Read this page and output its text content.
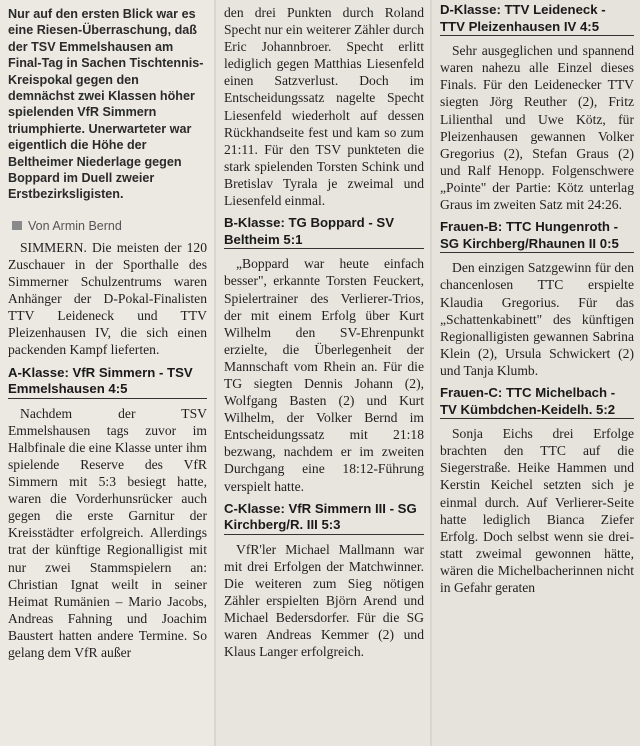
Nur auf den ersten Blick war es eine Riesen-Überraschung, daß der TSV Emmelshausen am Final-Tag in Sachen Tischtennis-Kreispokal gegen den demnächst zwei Klassen höher spielenden VfR Simmern triumphierte. Unerwarteter war eigentlich die Höhe der Beltheimer Niederlage gegen Boppard im Duell zweier Erstbezirksligisten.

Von Armin Bernd

SIMMERN. Die meisten der 120 Zuschauer in der Sporthalle des Simmerner Schulzentrums waren Anhänger der D-Pokal-Finalisten TTV Leideneck und TTV Pleizenhausen IV, die sich einen packenden Kampf lieferten.

A-Klasse: VfR Simmern - TSV Emmelshausen 4:5

Nachdem der TSV Emmelshausen tags zuvor im Halbfinale die eine Klasse unter ihm spielende Reserve des VfR Simmern mit 5:3 besiegt hatte, waren die Vorderhunsrücker auch gegen die erste Garnitur der Kreisstädter erfolgreich. Allerdings trat der künftige Regionalligist mit nur zwei Stammspielern an: Christian Ignat weilt in seiner Heimat Rumänien – Mario Jacobs, Andreas Fahning und Joachim Baustert hatten andere Termine. So gelang dem VfR außer

den drei Punkten durch Roland Specht nur ein weiterer Zähler durch Eric Johannbroer. Specht erlitt lediglich gegen Matthias Liesenfeld einen Satzverlust. Doch im Entscheidungssatz nagelte Specht Liesenfeld wiederholt auf dessen Rückhandseite fest und kam so zum 21:11. Für den TSV punkteten die stark spielenden Torsten Schink und Bretislav Tyrala je zweimal und Liesenfeld einmal.

B-Klasse: TG Boppard - SV Beltheim 5:1

„Boppard war heute einfach besser", erkannte Torsten Feuckert, Spielertrainer des Verlierer-Trios, der mit einem Erfolg über Kurt Wilhelm den SV-Ehrenpunkt erzielte, die Überlegenheit der Mannschaft vom Rhein an. Für die TG siegten Dennis Johann (2), Wolfgang Basten (2) und Kurt Wilhelm, der Volker Bernd im Entscheidungssatz mit 21:18 bezwang, nachdem er im zweiten Durchgang eine 18:12-Führung verspielt hatte.

C-Klasse: VfR Simmern III - SG Kirchberg/R. III 5:3

VfR'ler Michael Mallmann war mit drei Erfolgen der Matchwinner. Die weiteren zum Sieg nötigen Zähler erspielten Björn Arend und Michael Bedersdorfer. Für die SG waren Andreas Kemmer (2) und Klaus Langer erfolgreich.

D-Klasse: TTV Leideneck - TTV Pleizenhausen IV 4:5

Sehr ausgeglichen und spannend waren nahezu alle Einzel dieses Finals. Für den Leidenecker TTV siegten Jörg Reuther (2), Fritz Lilienthal und Uwe Kötz, für Pleizenhausen gewannen Volker Gregorius (2), Stefan Graus (2) und Ralf Henopp. Folgenschwere „Pointe" der Partie: Kötz unterlag Graus im zweiten Satz mit 24:26.

Frauen-B: TTC Hungenroth - SG Kirchberg/Rhaunen II 0:5

Den einzigen Satzgewinn für den chancenlosen TTC erspielte Klaudia Gregorius. Für das „Schattenkabinett" des künftigen Regionalligisten gewannen Sabrina Klein (2), Ursula Schwickert (2) und Tanja Klumb.

Frauen-C: TTC Michelbach - TV Kümbdchen-Keidelh. 5:2

Sonja Eichs drei Erfolge brachten den TTC auf die Siegerstraße. Heike Hammen und Kerstin Keichel setzten sich je einmal durch. Auf Verlierer-Seite hatte lediglich Bianca Ziefer Erfolg. Doch selbst wenn sie drei- statt zweimal gewonnen hätte, wären die Michelbacherinnen nicht in Gefahr geraten
